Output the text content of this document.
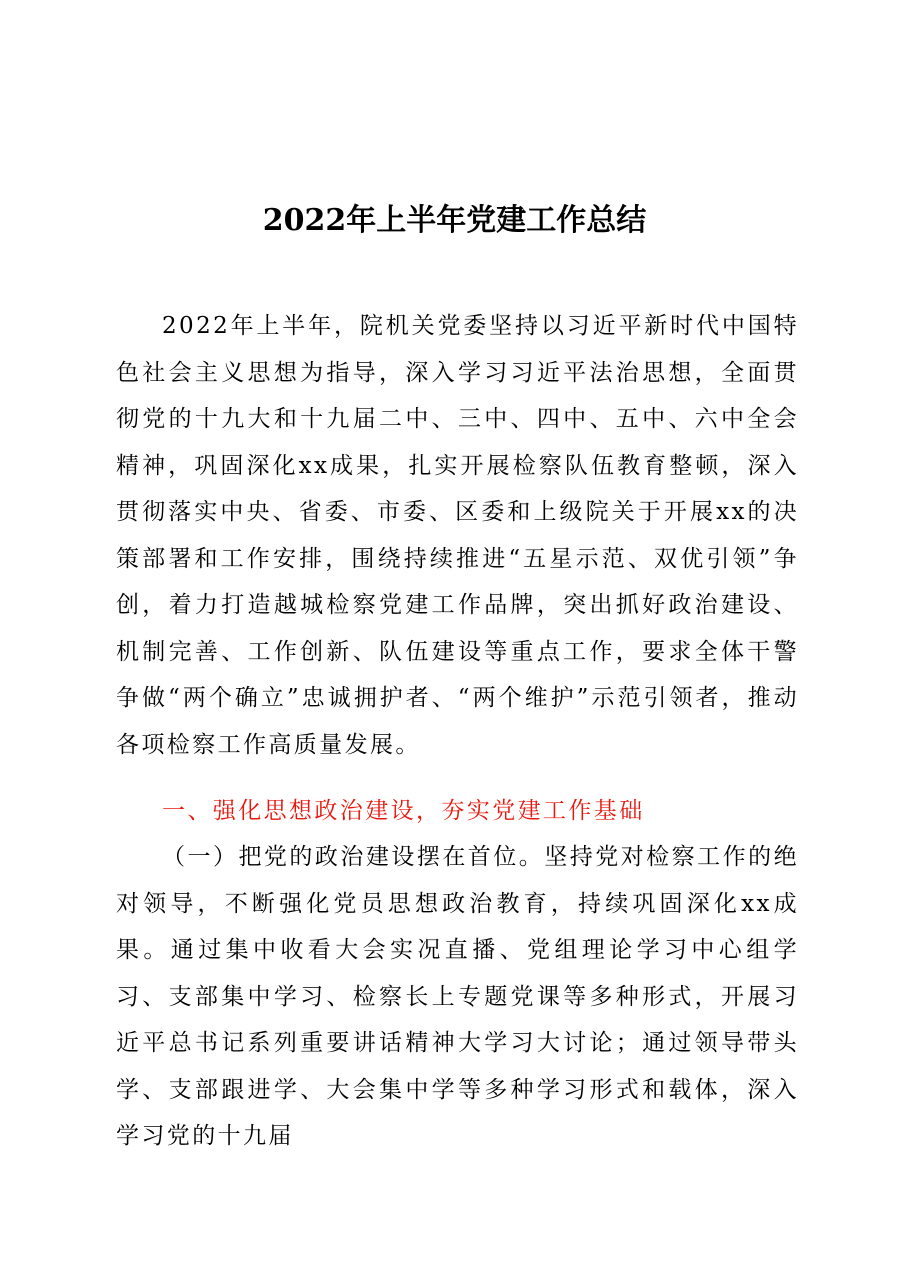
2022年上半年党建工作总结

2022年上半年，院机关党委坚持以习近平新时代中国特色社会主义思想为指导，深入学习习近平法治思想，全面贯彻党的十九大和十九届二中、三中、四中、五中、六中全会精神，巩固深化xx成果，扎实开展检察队伍教育整顿，深入贯彻落实中央、省委、市委、区委和上级院关于开展xx的决策部署和工作安排，围绕持续推进“五星示范、双优引领”争创，着力打造越城检察党建工作品牌，突出抓好政治建设、机制完善、工作创新、队伍建设等重点工作，要求全体干警争做“两个确立”忠诚拥护者、“两个维护”示范引领者，推动各项检察工作高质量发展。

一、强化思想政治建设，夯实党建工作基础

（一）把党的政治建设摆在首位。坚持党对检察工作的绝对领导，不断强化党员思想政治教育，持续巩固深化xx成果。通过集中收看大会实况直播、党组理论学习中心组学习、支部集中学习、检察长上专题党课等多种形式，开展习近平总书记系列重要讲话精神大学习大讨论；通过领导带头学、支部跟进学、大会集中学等多种学习形式和载体，深入学习党的十九届
